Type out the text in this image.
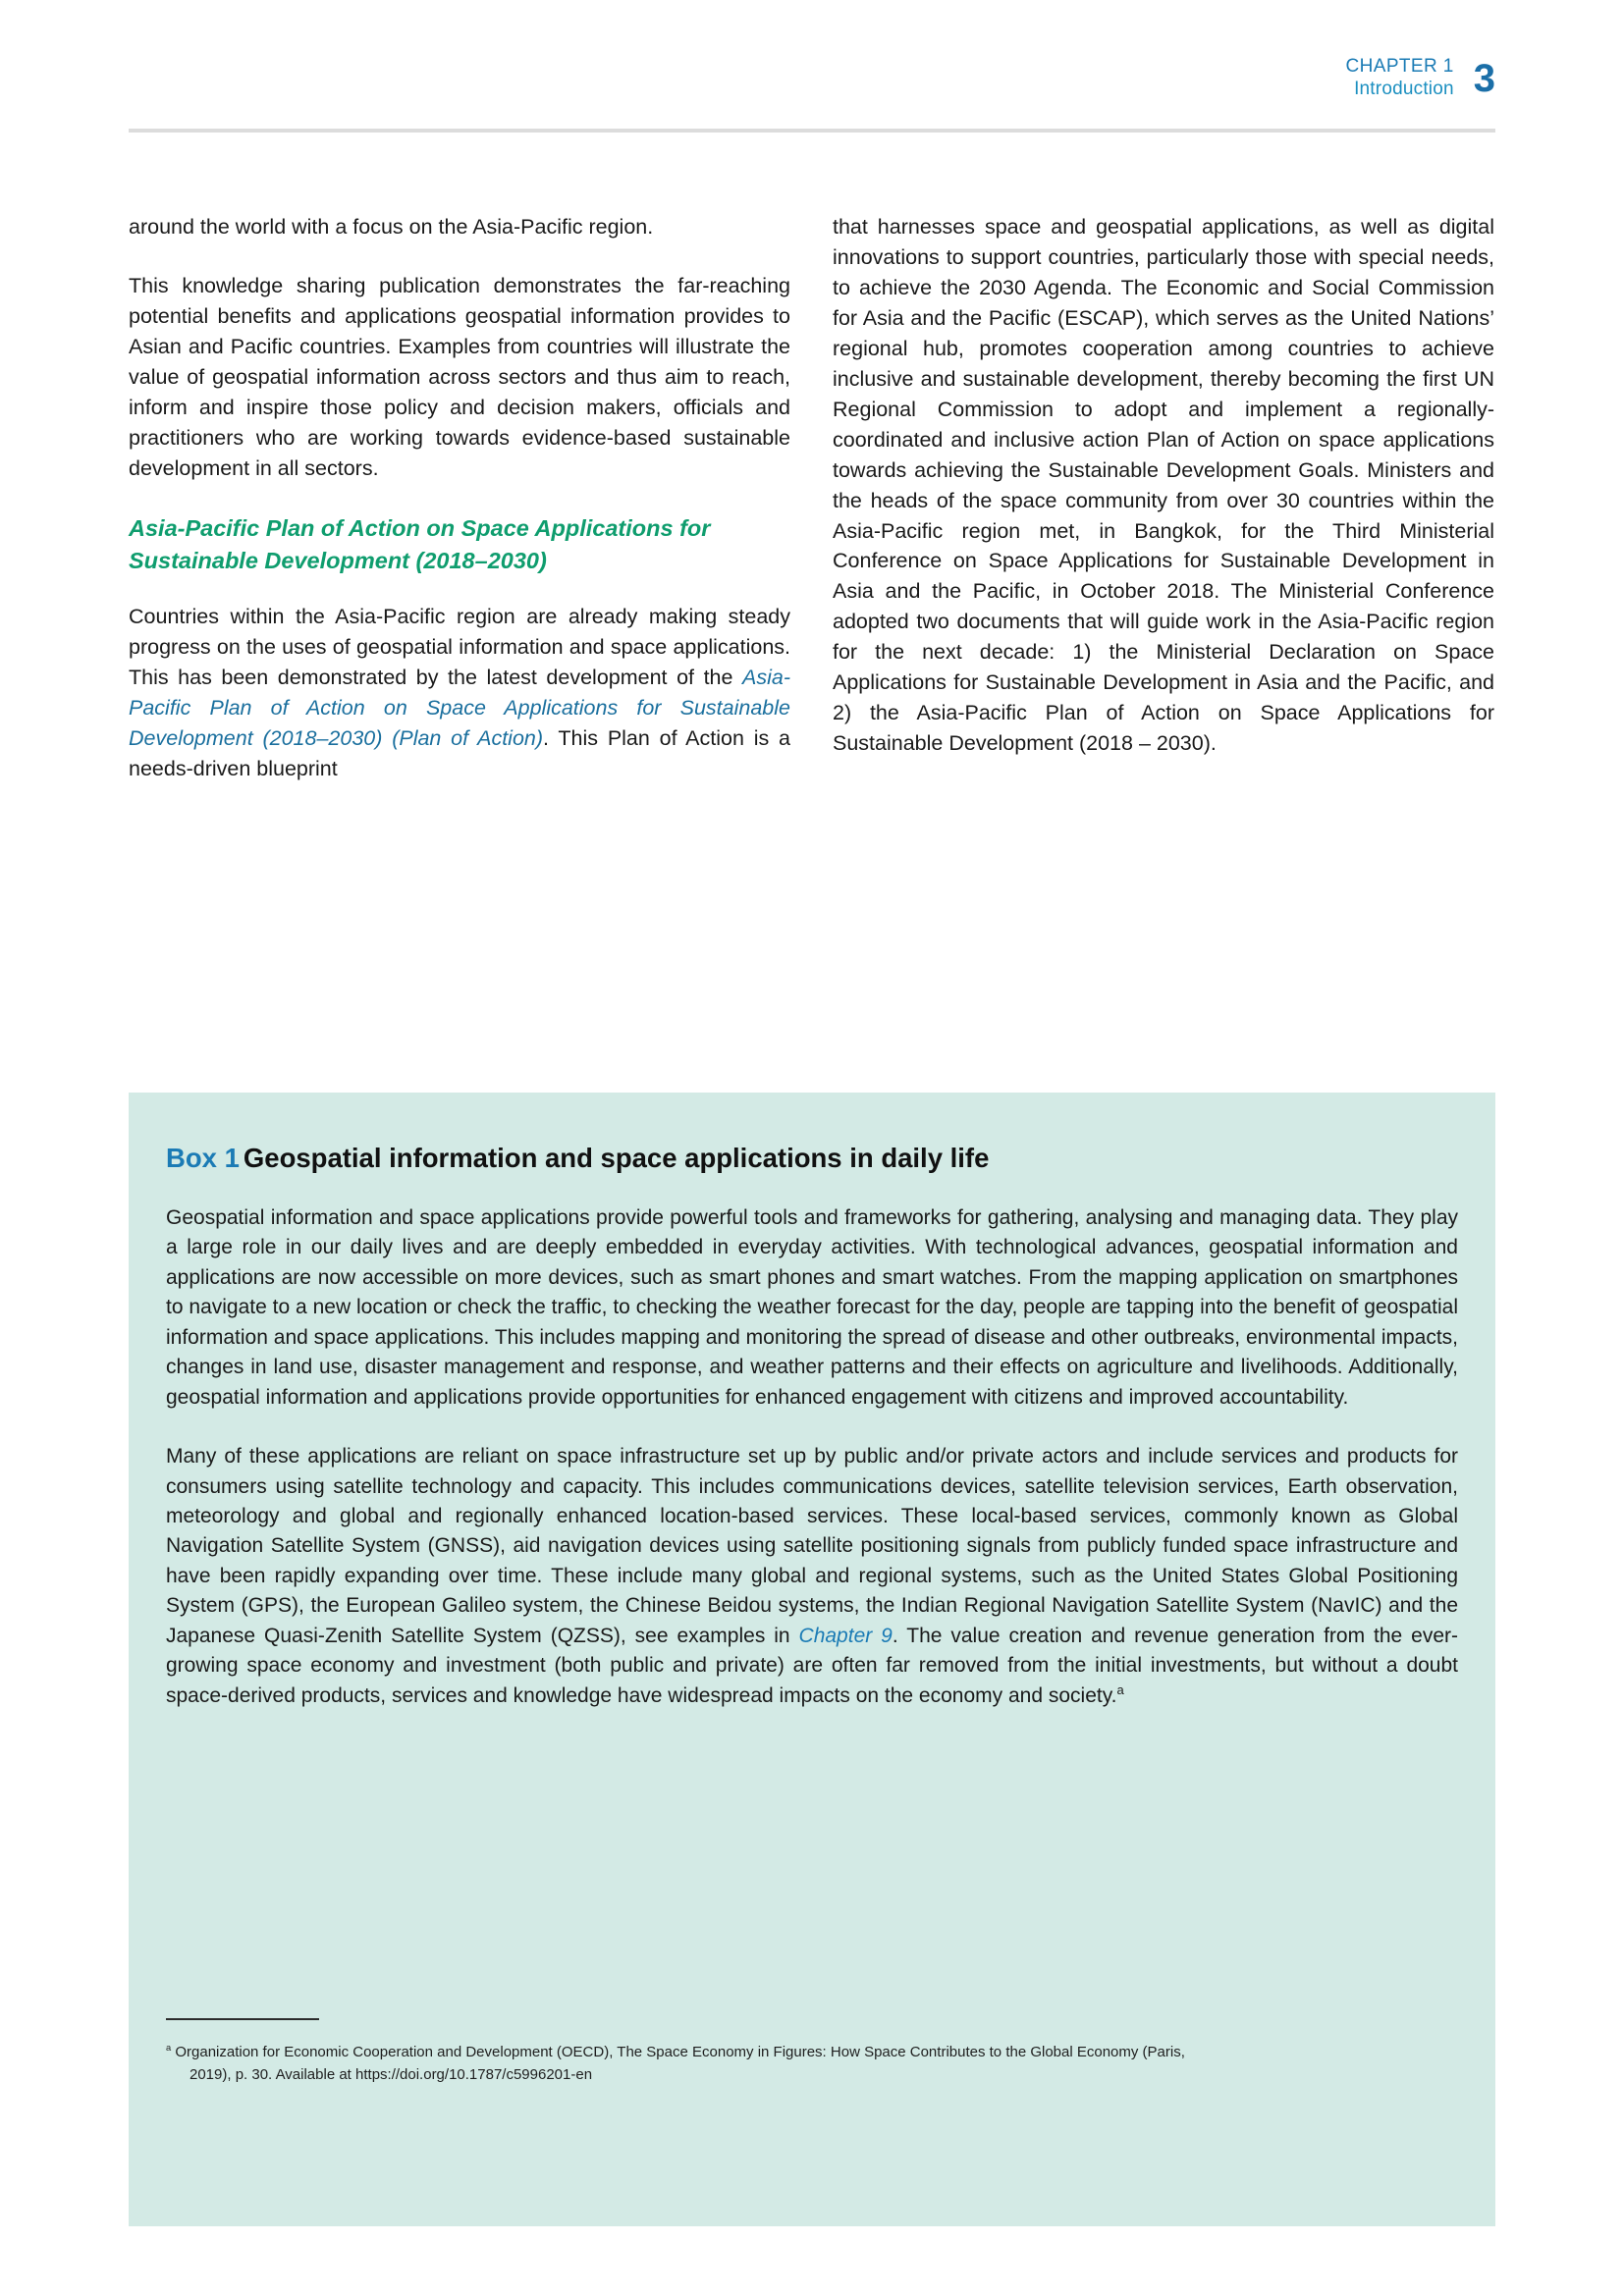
CHAPTER 1
Introduction 3

around the world with a focus on the Asia-Pacific region.

This knowledge sharing publication demonstrates the far-reaching potential benefits and applications geospatial information provides to Asian and Pacific countries. Examples from countries will illustrate the value of geospatial information across sectors and thus aim to reach, inform and inspire those policy and decision makers, officials and practitioners who are working towards evidence-based sustainable development in all sectors.

Asia-Pacific Plan of Action on Space Applications for Sustainable Development (2018–2030)

Countries within the Asia-Pacific region are already making steady progress on the uses of geospatial information and space applications. This has been demonstrated by the latest development of the Asia-Pacific Plan of Action on Space Applications for Sustainable Development (2018–2030) (Plan of Action). This Plan of Action is a needs-driven blueprint

that harnesses space and geospatial applications, as well as digital innovations to support countries, particularly those with special needs, to achieve the 2030 Agenda. The Economic and Social Commission for Asia and the Pacific (ESCAP), which serves as the United Nations’ regional hub, promotes cooperation among countries to achieve inclusive and sustainable development, thereby becoming the first UN Regional Commission to adopt and implement a regionally-coordinated and inclusive action Plan of Action on space applications towards achieving the Sustainable Development Goals. Ministers and the heads of the space community from over 30 countries within the Asia-Pacific region met, in Bangkok, for the Third Ministerial Conference on Space Applications for Sustainable Development in Asia and the Pacific, in October 2018. The Ministerial Conference adopted two documents that will guide work in the Asia-Pacific region for the next decade: 1) the Ministerial Declaration on Space Applications for Sustainable Development in Asia and the Pacific, and 2) the Asia-Pacific Plan of Action on Space Applications for Sustainable Development (2018 – 2030).

Box 1 Geospatial information and space applications in daily life

Geospatial information and space applications provide powerful tools and frameworks for gathering, analysing and managing data. They play a large role in our daily lives and are deeply embedded in everyday activities. With technological advances, geospatial information and applications are now accessible on more devices, such as smart phones and smart watches. From the mapping application on smartphones to navigate to a new location or check the traffic, to checking the weather forecast for the day, people are tapping into the benefit of geospatial information and space applications. This includes mapping and monitoring the spread of disease and other outbreaks, environmental impacts, changes in land use, disaster management and response, and weather patterns and their effects on agriculture and livelihoods. Additionally, geospatial information and applications provide opportunities for enhanced engagement with citizens and improved accountability.

Many of these applications are reliant on space infrastructure set up by public and/or private actors and include services and products for consumers using satellite technology and capacity. This includes communications devices, satellite television services, Earth observation, meteorology and global and regionally enhanced location-based services. These local-based services, commonly known as Global Navigation Satellite System (GNSS), aid navigation devices using satellite positioning signals from publicly funded space infrastructure and have been rapidly expanding over time. These include many global and regional systems, such as the United States Global Positioning System (GPS), the European Galileo system, the Chinese Beidou systems, the Indian Regional Navigation Satellite System (NavIC) and the Japanese Quasi-Zenith Satellite System (QZSS), see examples in Chapter 9. The value creation and revenue generation from the ever-growing space economy and investment (both public and private) are often far removed from the initial investments, but without a doubt space-derived products, services and knowledge have widespread impacts on the economy and society.$^a$

$^a$ Organization for Economic Cooperation and Development (OECD), The Space Economy in Figures: How Space Contributes to the Global Economy (Paris,
2019), p. 30. Available at https://doi.org/10.1787/c5996201-en
